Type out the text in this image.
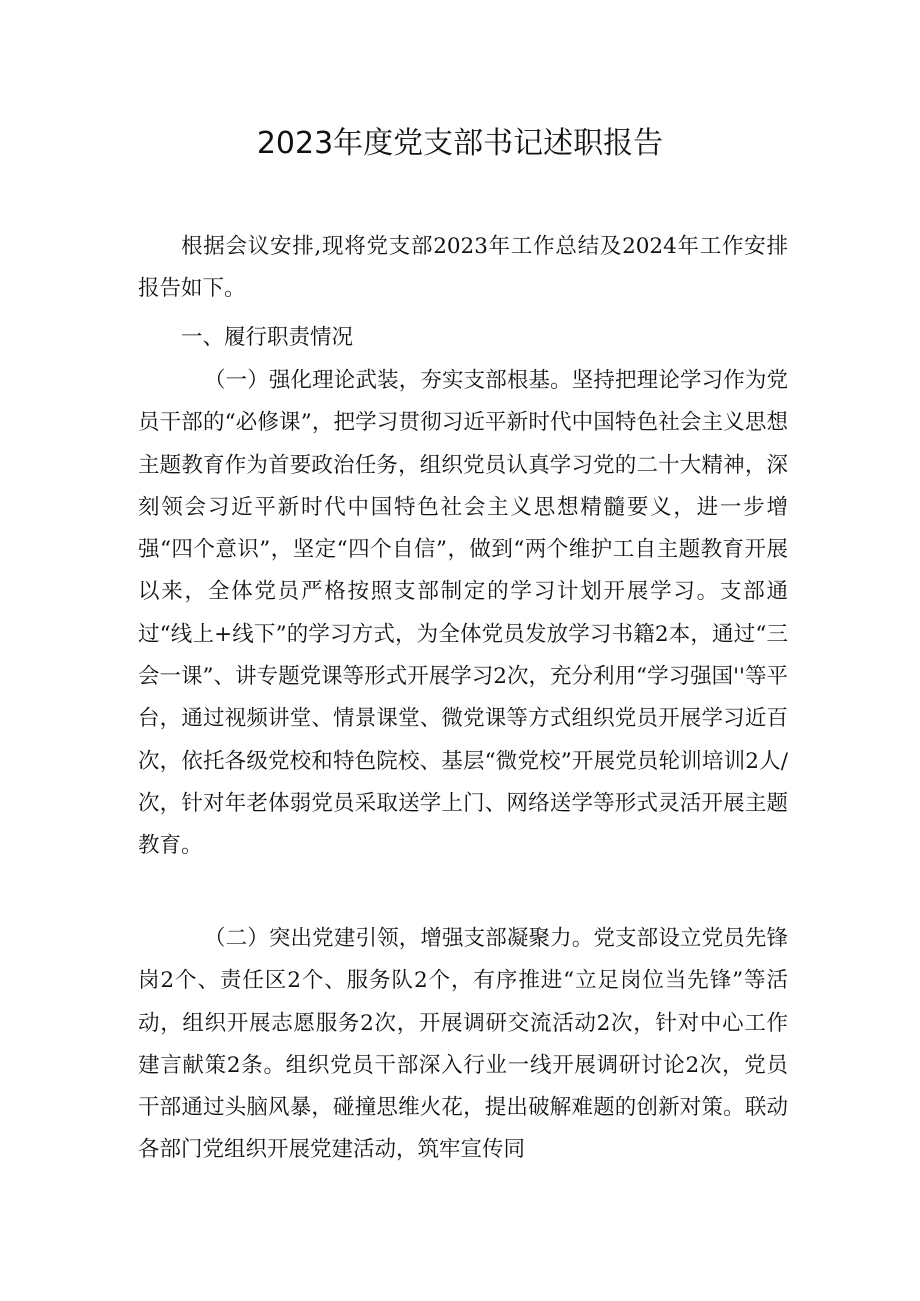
2023年度党支部书记述职报告

根据会议安排,现将党支部2023年工作总结及2024年工作安排报告如下。

一、履行职责情况

（一）强化理论武装，夯实支部根基。坚持把理论学习作为党员干部的“必修课”，把学习贯彻习近平新时代中国特色社会主义思想主题教育作为首要政治任务，组织党员认真学习党的二十大精神，深刻领会习近平新时代中国特色社会主义思想精髓要义，进一步增强“四个意识”，坚定“四个自信”，做到“两个维护工自主题教育开展以来，全体党员严格按照支部制定的学习计划开展学习。支部通过“线上+线下”的学习方式，为全体党员发放学习书籍2本，通过“三会一课”、讲专题党课等形式开展学习2次，充分利用“学习强国''等平台，通过视频讲堂、情景课堂、微党课等方式组织党员开展学习近百次，依托各级党校和特色院校、基层“微党校”开展党员轮训培训2人/次，针对年老体弱党员采取送学上门、网络送学等形式灵活开展主题教育。

（二）突出党建引领，增强支部凝聚力。党支部设立党员先锋岗2个、责任区2个、服务队2个，有序推进“立足岗位当先锋”等活动，组织开展志愿服务2次，开展调研交流活动2次，针对中心工作建言献策2条。组织党员干部深入行业一线开展调研讨论2次，党员干部通过头脑风暴，碰撞思维火花，提出破解难题的创新对策。联动各部门党组织开展党建活动，筑牢宣传同
